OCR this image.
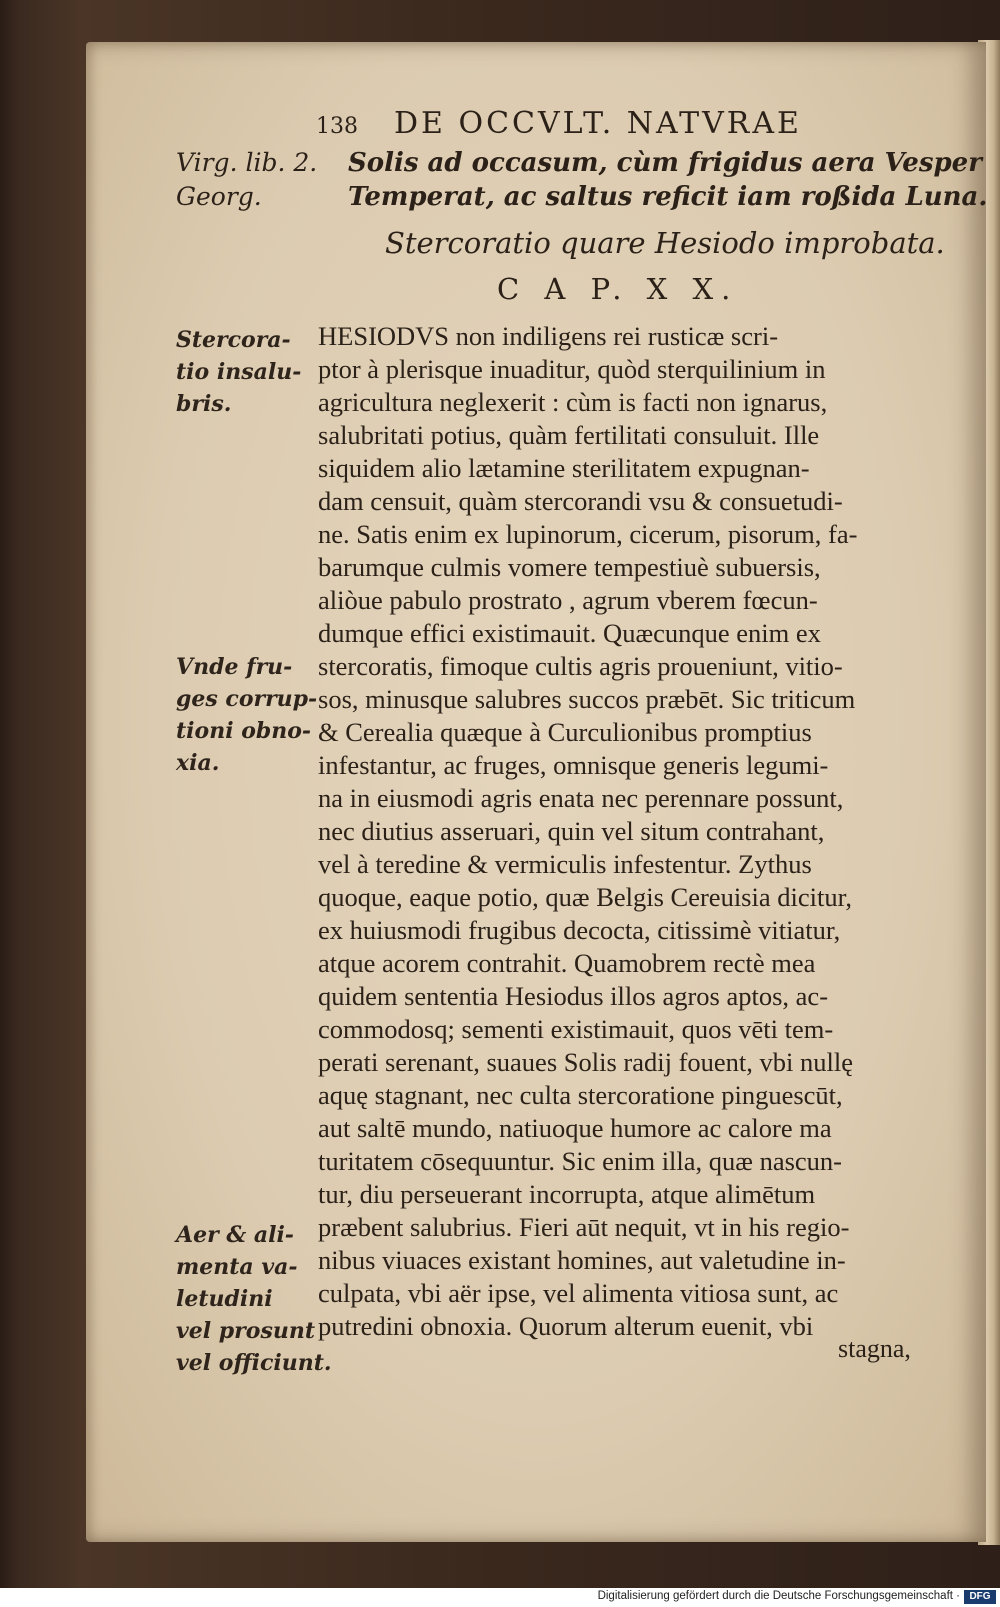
138 DE OCCVLT. NATVRAE
Virg. lib. 2.
Georg.
Solis ad occasum, cùm frigidus aera Vesper
Temperat, ac saltus reficit iam roßida Luna.
Stercoratio quare Hesiodo improbata.
C A P. X X.
Stercora-
tio insalu-
bris.
Vnde fru-
ges corrup-
tioni obno-
xia.
Aer & ali-
menta va-
letudini
vel prosunt
vel officiunt.
HESIODVS non indiligens rei rusticæ scri-
ptor à plerisque inuaditur, quòd sterquilinium in
agricultura neglexerit : cùm is facti non ignarus,
salubritati potius, quàm fertilitati consuluit. Ille
siquidem alio lætamine sterilitatem expugnan-
dam censuit, quàm stercorandi vsu & consuetudi-
ne. Satis enim ex lupinorum, cicerum, pisorum, fa-
barumque culmis vomere tempestiuè subuersis,
aliòue pabulo prostrato , agrum vberem fœcun-
dumque effici existimauit. Quæcunque enim ex
stercoratis, fimoque cultis agris proueniunt, vitio-
sos, minusque salubres succos præbēt. Sic triticum
& Cerealia quæque à Curculionibus promptius
infestantur, ac fruges, omnisque generis legumi-
na in eiusmodi agris enata nec perennare possunt,
nec diutius asseruari, quin vel situm contrahant,
vel à teredine & vermiculis infestentur. Zythus
quoque, eaque potio, quæ Belgis Cereuisia dicitur,
ex huiusmodi frugibus decocta, citissimè vitiatur,
atque acorem contrahit. Quamobrem rectè mea
quidem sententia Hesiodus illos agros aptos, ac-
commodosq; sementi existimauit, quos vēti tem-
perati serenant, suaues Solis radij fouent, vbi nullę
aquę stagnant, nec culta stercoratione pinguescūt,
aut saltē mundo, natiuoque humore ac calore ma
turitatem cōsequuntur. Sic enim illa, quæ nascun-
tur, diu perseuerant incorrupta, atque alimētum
præbent salubrius. Fieri aūt nequit, vt in his regio-
nibus viuaces existant homines, aut valetudine in-
culpata, vbi aër ipse, vel alimenta vitiosa sunt, ac
putredini obnoxia. Quorum alterum euenit, vbi
stagna,
Digitalisierung gefördert durch die Deutsche Forschungsgemeinschaft · DFG
